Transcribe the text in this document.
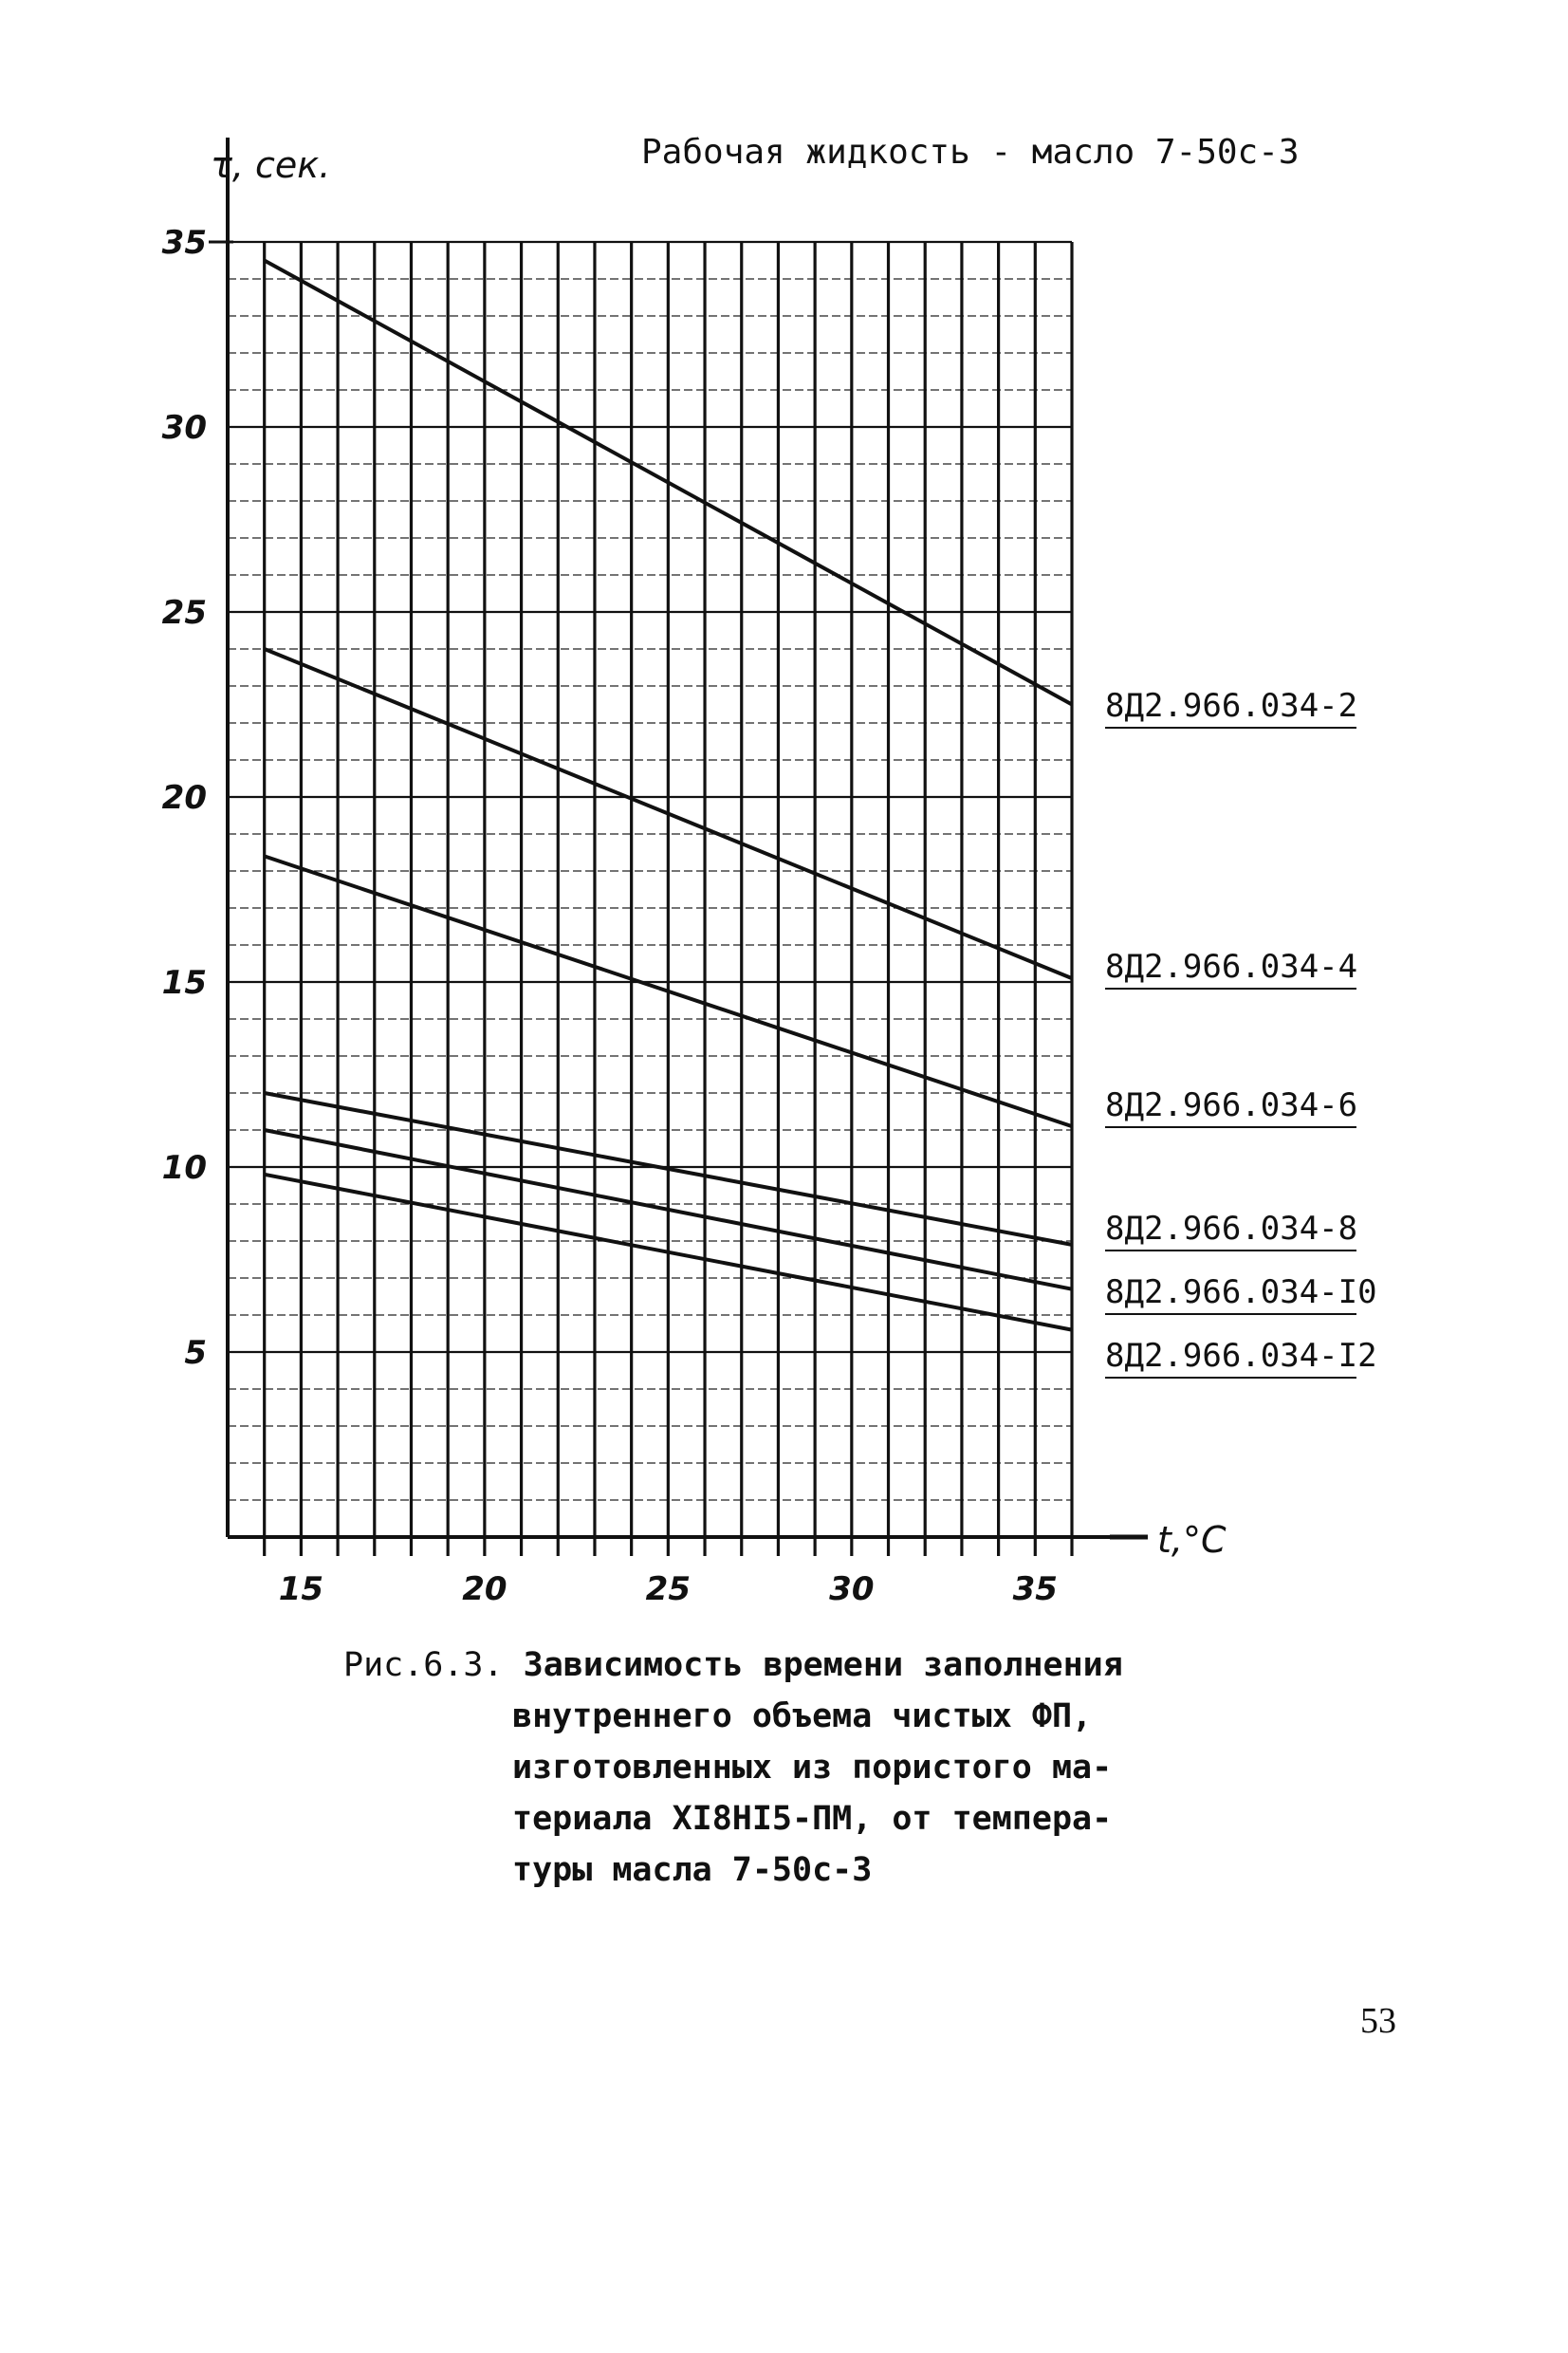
Рабочая жидкость - масло 7-50с-3
5
10
15
20
25
30
35
15	20	25	30	35
τ, сек.
t,°C
8Д2.966.034-2
8Д2.966.034-4
8Д2.966.034-6
8Д2.966.034-8
8Д2.966.034-I0
8Д2.966.034-I2
Рис.6.3. Зависимость времени заполнения
внутреннего объема чистых ФП,
изготовленных из пористого ма-
териала XI8HI5-ПМ, от темпера-
туры масла 7-50с-3
53
